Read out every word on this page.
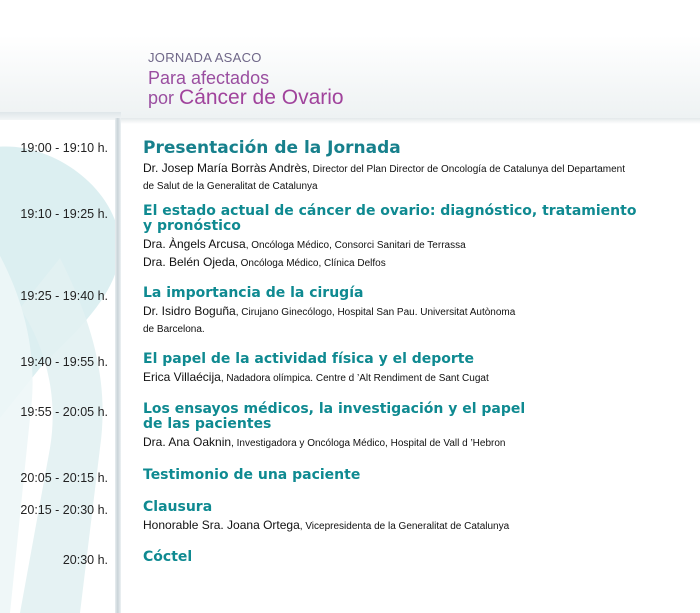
JORNADA ASACO
Para afectados
por Cáncer de Ovario
19:00 - 19:10 h. Presentación de la Jornada
Dr. Josep María Borràs Andrès, Director del Plan Director de Oncología de Catalunya del Departament
de Salut de la Generalitat de Catalunya
19:10 - 19:25 h.	El estado actual de cáncer de ovario: diagnóstico, tratamiento
y pronóstico
Dra. Àngels Arcusa, Oncóloga Médico, Consorci Sanitari de Terrassa
Dra. Belén Ojeda, Oncóloga Médico, Clínica Delfos
19:25 - 19:40 h.	La importancia de la cirugía
Dr. Isidro Boguña, Cirujano Ginecólogo, Hospital San Pau. Universitat Autònoma
de Barcelona.
19:40 - 19:55 h.	El papel de la actividad física y el deporte
Erica Villaécija, Nadadora olímpica. Centre d ’Alt Rendiment de Sant Cugat
19:55 - 20:05 h.	Los ensayos médicos, la investigación y el papel
de las pacientes
Dra. Ana Oaknin, Investigadora y Oncóloga Médico, Hospital de Vall d ’Hebron
20:05 - 20:15 h.	Testimonio de una paciente
20:15 - 20:30 h.	Clausura
Honorable Sra. Joana Ortega, Vicepresidenta de la Generalitat de Catalunya
20:30 h.	Cóctel
